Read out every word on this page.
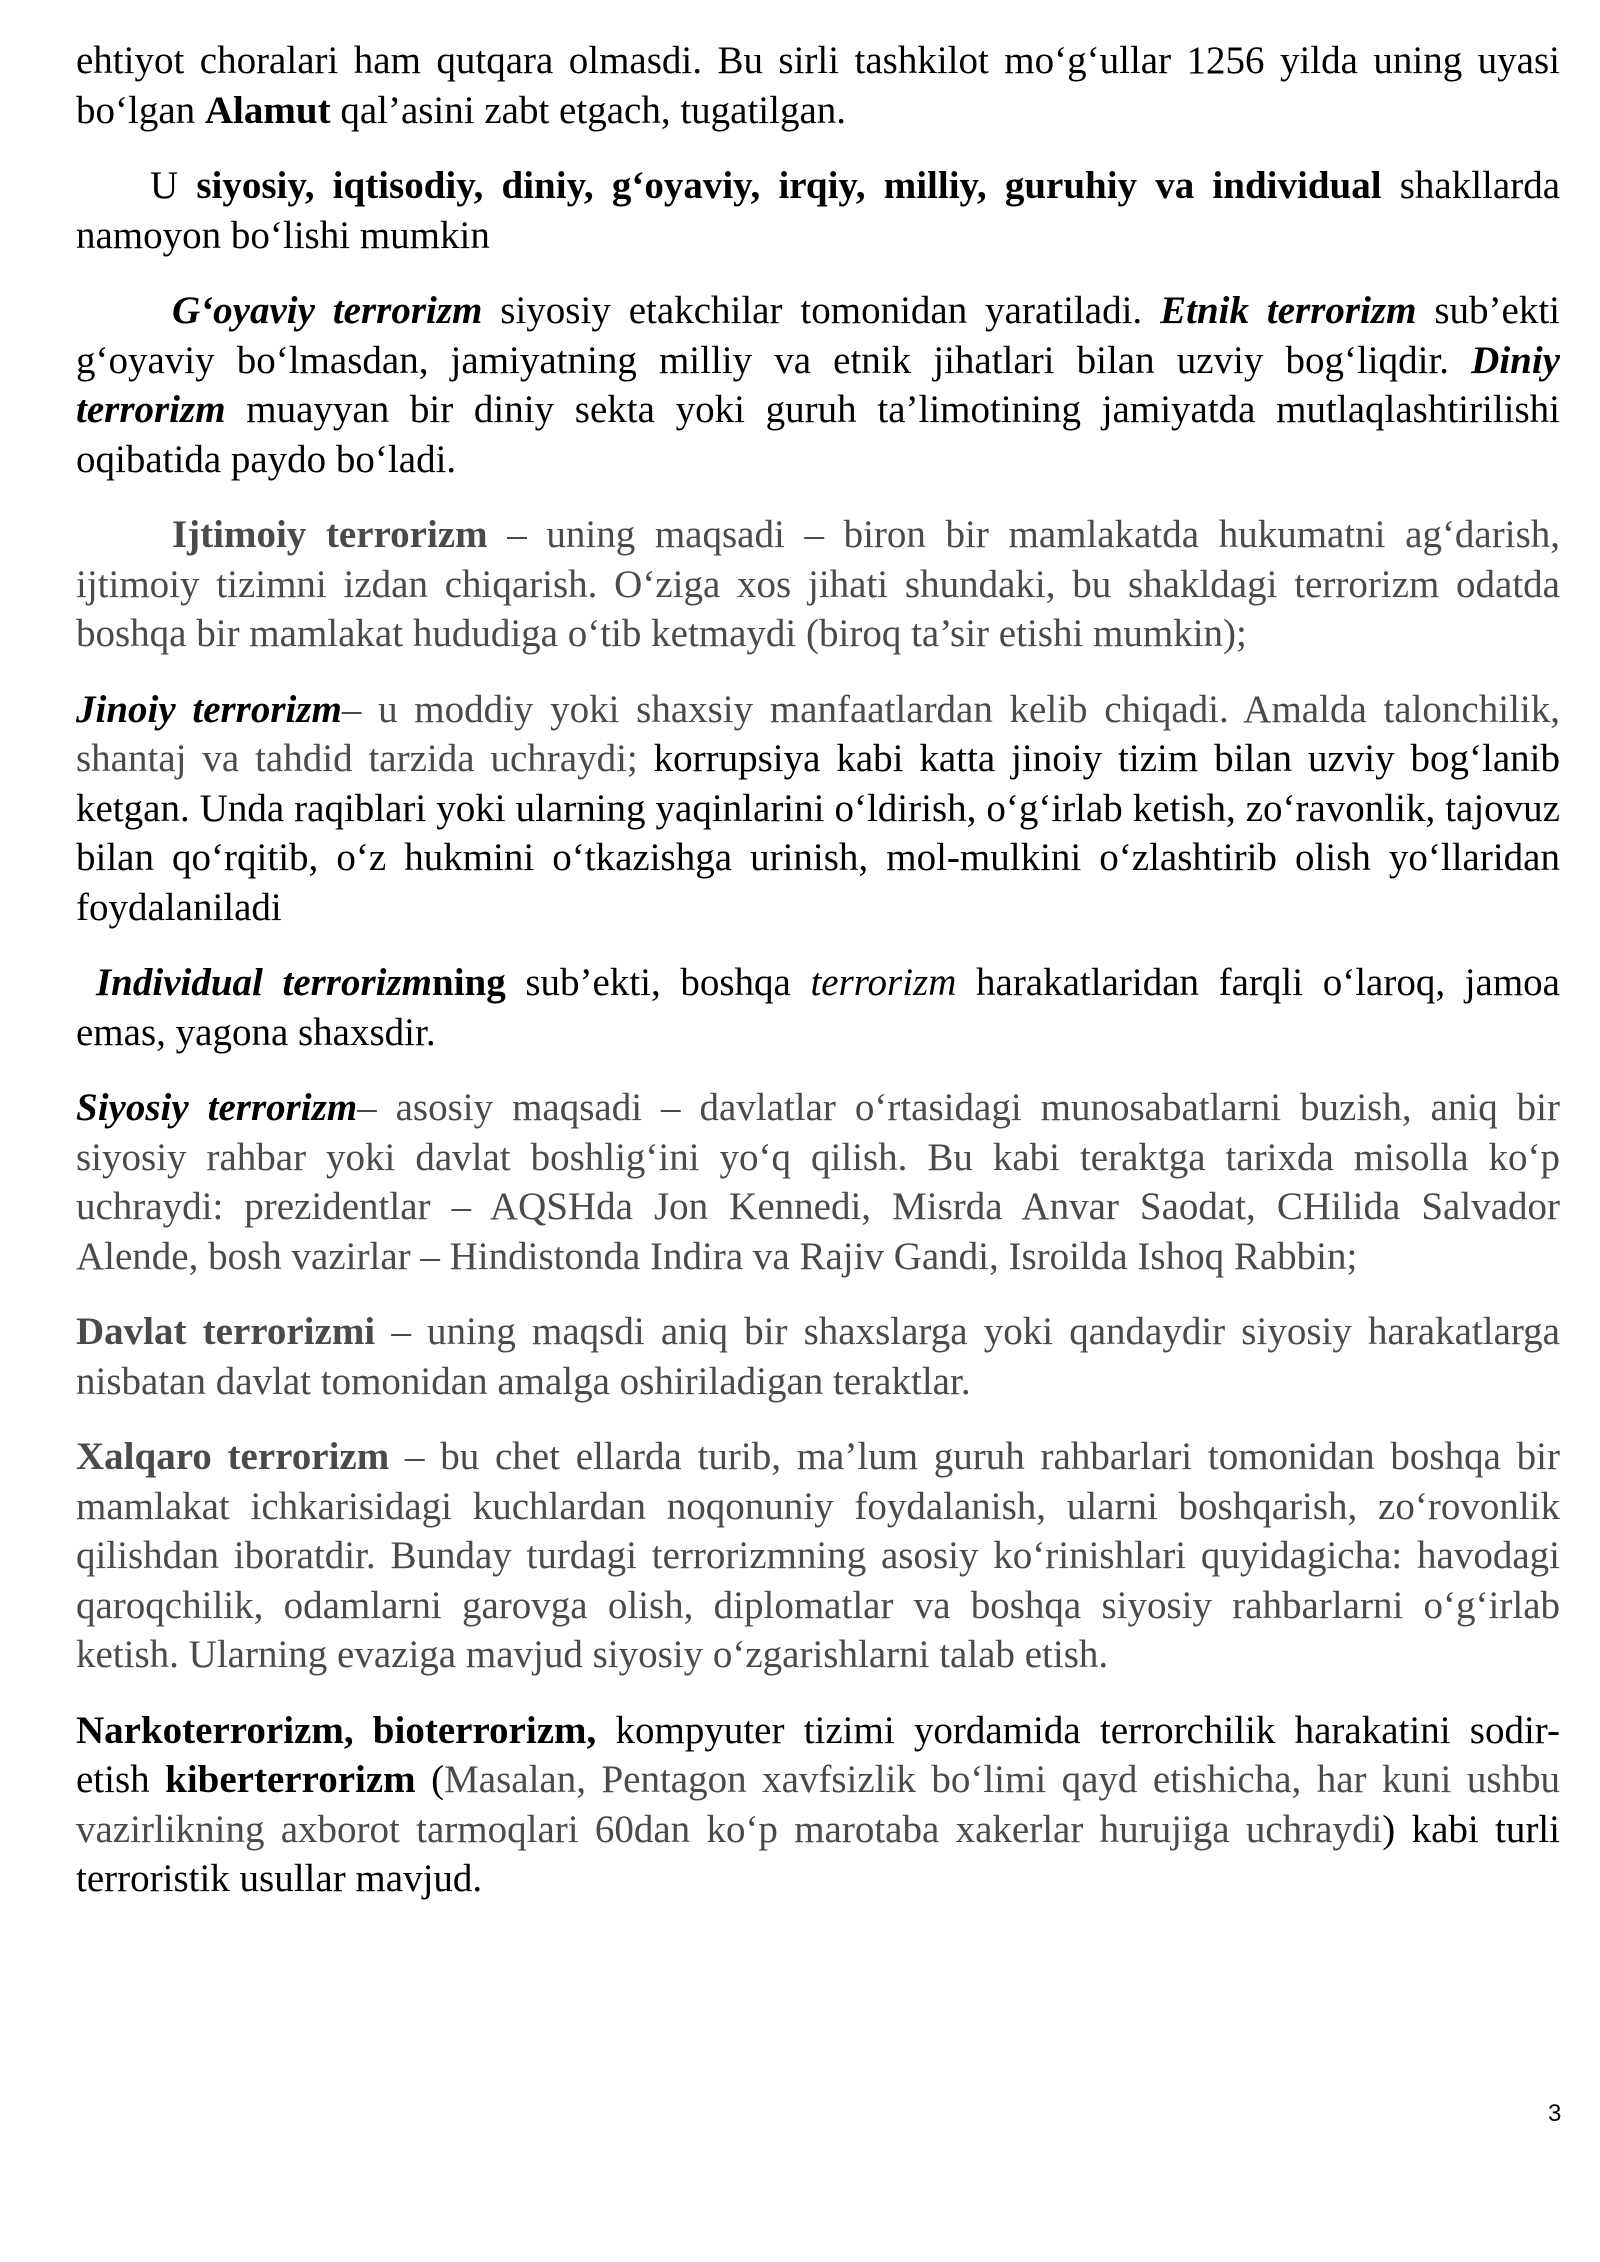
ehtiyot choralari ham qutqara olmasdi. Bu sirli tashkilot mo‘g‘ullar 1256 yilda uning uyasi bo‘lgan Alamut qal’asini zabt etgach, tugatilgan.

U siyosiy, iqtisodiy, diniy, g‘oyaviy, irqiy, milliy, guruhiy va individual shakllarda namoyon bo‘lishi mumkin

G‘oyaviy terrorizm siyosiy etakchilar tomonidan yaratiladi. Etnik terrorizm sub’ekti g‘oyaviy bo‘lmasdan, jamiyatning milliy va etnik jihatlari bilan uzviy bog‘liqdir. Diniy terrorizm muayyan bir diniy sekta yoki guruh ta’limotining jamiyatda mutlaqlashtirilishi oqibatida paydo bo‘ladi.

Ijtimoiy terrorizm – uning maqsadi – biron bir mamlakatda hukumatni ag‘darish, ijtimoiy tizimni izdan chiqarish. O‘ziga xos jihati shundaki, bu shakldagi terrorizm odatda boshqa bir mamlakat hududiga o‘tib ketmaydi (biroq ta’sir etishi mumkin);

Jinoiy terrorizm– u moddiy yoki shaxsiy manfaatlardan kelib chiqadi. Amalda talonchilik, shantaj va tahdid tarzida uchraydi; korrupsiya kabi katta jinoiy tizim bilan uzviy bog‘lanib ketgan. Unda raqiblari yoki ularning yaqinlarini o‘ldirish, o‘g‘irlab ketish, zo‘ravonlik, tajovuz bilan qo‘rqitib, o‘z hukmini o‘tkazishga urinish, mol-mulkini o‘zlashtirib olish yo‘llaridan foydalaniladi

Individual terrorizmning sub’ekti, boshqa terrorizm harakatlaridan farqli o‘laroq, jamoa emas, yagona shaxsdir.

Siyosiy terrorizm– asosiy maqsadi – davlatlar o‘rtasidagi munosabatlarni buzish, aniq bir siyosiy rahbar yoki davlat boshlig‘ini yo‘q qilish. Bu kabi teraktga tarixda misolla ko‘p uchraydi: prezidentlar – AQSHda Jon Kennedi, Misrda Anvar Saodat, CHilida Salvador Alende, bosh vazirlar – Hindistonda Indira va Rajiv Gandi, Isroilda Ishoq Rabbin;

Davlat terrorizmi – uning maqsdi aniq bir shaxslarga yoki qandaydir siyosiy harakatlarga nisbatan davlat tomonidan amalga oshiriladigan teraktlar.

Xalqaro terrorizm – bu chet ellarda turib, ma’lum guruh rahbarlari tomonidan boshqa bir mamlakat ichkarisidagi kuchlardan noqonuniy foydalanish, ularni boshqarish, zo‘rovonlik qilishdan iboratdir. Bunday turdagi terrorizmning asosiy ko‘rinishlari quyidagicha: havodagi qaroqchilik, odamlarni garovga olish, diplomatlar va boshqa siyosiy rahbarlarni o‘g‘irlab ketish. Ularning evaziga mavjud siyosiy o‘zgarishlarni talab etish.

Narkoterrorizm, bioterrorizm, kompyuter tizimi yordamida terrorchilik harakatini sodir-etish kiberterrorizm (Masalan, Pentagon xavfsizlik bo‘limi qayd etishicha, har kuni ushbu vazirlikning axborot tarmoqlari 60dan ko‘p marotaba xakerlar hurujiga uchraydi) kabi turli terroristik usullar mavjud.

3
